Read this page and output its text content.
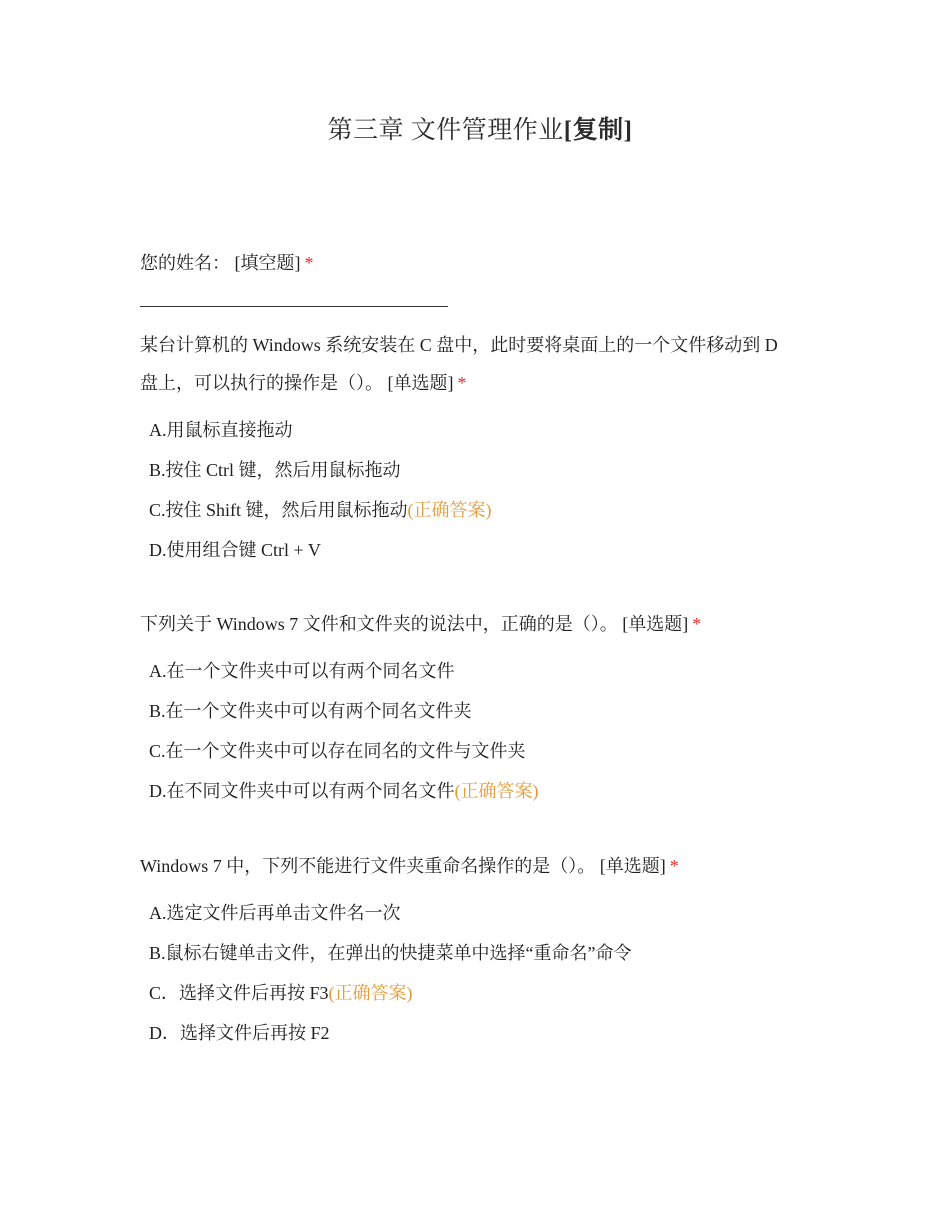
第三章 文件管理作业[复制]
您的姓名： [填空题] *
某台计算机的 Windows 系统安装在 C 盘中，此时要将桌面上的一个文件移动到 D
盘上，可以执行的操作是（）。 [单选题] *
A.用鼠标直接拖动
B.按住 Ctrl 键，然后用鼠标拖动
C.按住 Shift 键，然后用鼠标拖动(正确答案)
D.使用组合键 Ctrl + V
下列关于 Windows 7 文件和文件夹的说法中，正确的是（）。 [单选题] *
A.在一个文件夹中可以有两个同名文件
B.在一个文件夹中可以有两个同名文件夹
C.在一个文件夹中可以存在同名的文件与文件夹
D.在不同文件夹中可以有两个同名文件(正确答案)
Windows 7 中，下列不能进行文件夹重命名操作的是（）。 [单选题] *
A.选定文件后再单击文件名一次
B.鼠标右键单击文件，在弹出的快捷菜单中选择“重命名”命令
C．选择文件后再按 F3(正确答案)
D．选择文件后再按 F2
